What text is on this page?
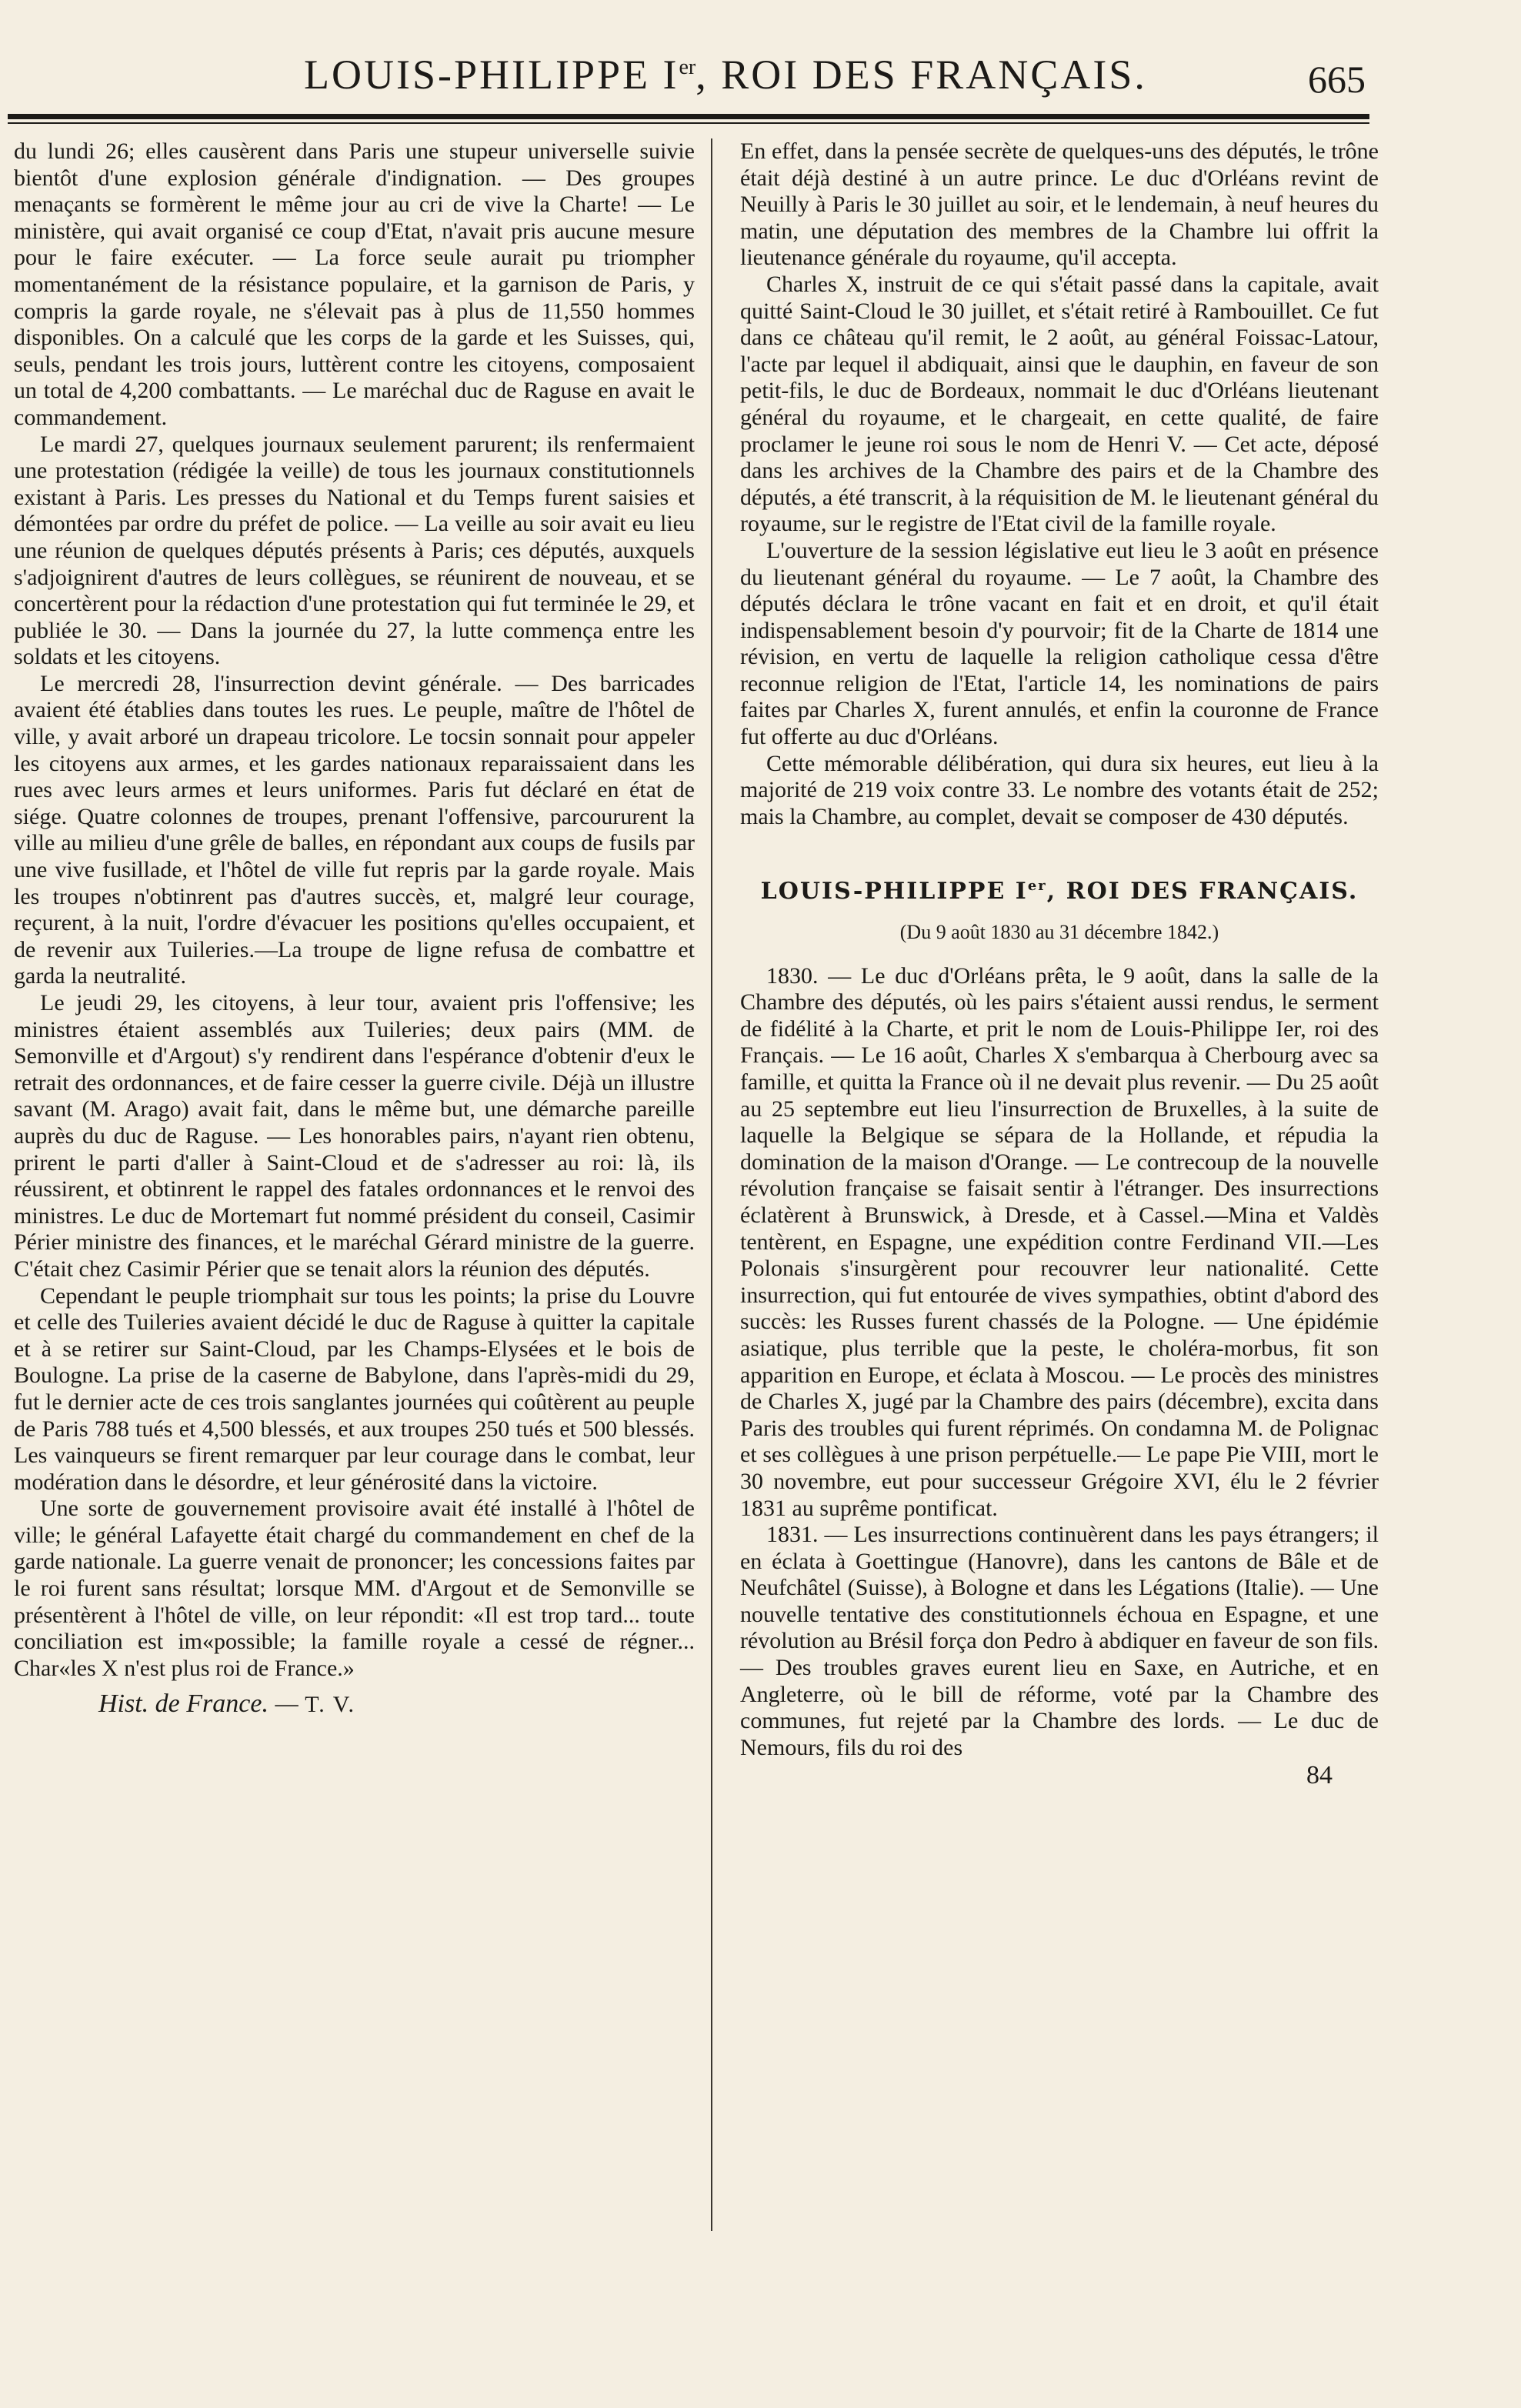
LOUIS-PHILIPPE Ier, ROI DES FRANÇAIS.	665

du lundi 26; elles causèrent dans Paris une stupeur universelle suivie bientôt d'une explosion générale d'indignation. — Des groupes menaçants se formèrent le même jour au cri de vive la Charte! — Le ministère, qui avait organisé ce coup d'Etat, n'avait pris aucune mesure pour le faire exécuter. — La force seule aurait pu triompher momentanément de la résistance populaire, et la garnison de Paris, y compris la garde royale, ne s'élevait pas à plus de 11,550 hommes disponibles. On a calculé que les corps de la garde et les Suisses, qui, seuls, pendant les trois jours, luttèrent contre les citoyens, composaient un total de 4,200 combattants. — Le maréchal duc de Raguse en avait le commandement.

Le mardi 27, quelques journaux seulement parurent; ils renfermaient une protestation (rédigée la veille) de tous les journaux constitutionnels existant à Paris. Les presses du National et du Temps furent saisies et démontées par ordre du préfet de police. — La veille au soir avait eu lieu une réunion de quelques députés présents à Paris; ces députés, auxquels s'adjoignirent d'autres de leurs collègues, se réunirent de nouveau, et se concertèrent pour la rédaction d'une protestation qui fut terminée le 29, et publiée le 30. — Dans la journée du 27, la lutte commença entre les soldats et les citoyens.

Le mercredi 28, l'insurrection devint générale. — Des barricades avaient été établies dans toutes les rues. Le peuple, maître de l'hôtel de ville, y avait arboré un drapeau tricolore. Le tocsin sonnait pour appeler les citoyens aux armes, et les gardes nationaux reparaissaient dans les rues avec leurs armes et leurs uniformes. Paris fut déclaré en état de siége. Quatre colonnes de troupes, prenant l'offensive, parcoururent la ville au milieu d'une grêle de balles, en répondant aux coups de fusils par une vive fusillade, et l'hôtel de ville fut repris par la garde royale. Mais les troupes n'obtinrent pas d'autres succès, et, malgré leur courage, reçurent, à la nuit, l'ordre d'évacuer les positions qu'elles occupaient, et de revenir aux Tuileries.—La troupe de ligne refusa de combattre et garda la neutralité.

Le jeudi 29, les citoyens, à leur tour, avaient pris l'offensive; les ministres étaient assemblés aux Tuileries; deux pairs (MM. de Semonville et d'Argout) s'y rendirent dans l'espérance d'obtenir d'eux le retrait des ordonnances, et de faire cesser la guerre civile. Déjà un illustre savant (M. Arago) avait fait, dans le même but, une démarche pareille auprès du duc de Raguse. — Les honorables pairs, n'ayant rien obtenu, prirent le parti d'aller à Saint-Cloud et de s'adresser au roi: là, ils réussirent, et obtinrent le rappel des fatales ordonnances et le renvoi des ministres. Le duc de Mortemart fut nommé président du conseil, Casimir Périer ministre des finances, et le maréchal Gérard ministre de la guerre. C'était chez Casimir Périer que se tenait alors la réunion des députés.

Cependant le peuple triomphait sur tous les points; la prise du Louvre et celle des Tuileries avaient décidé le duc de Raguse à quitter la capitale et à se retirer sur Saint-Cloud, par les Champs-Elysées et le bois de Boulogne. La prise de la caserne de Babylone, dans l'après-midi du 29, fut le dernier acte de ces trois sanglantes journées qui coûtèrent au peuple de Paris 788 tués et 4,500 blessés, et aux troupes 250 tués et 500 blessés. Les vainqueurs se firent remarquer par leur courage dans le combat, leur modération dans le désordre, et leur générosité dans la victoire.

Une sorte de gouvernement provisoire avait été installé à l'hôtel de ville; le général Lafayette était chargé du commandement en chef de la garde nationale. La guerre venait de prononcer; les concessions faites par le roi furent sans résultat; lorsque MM. d'Argout et de Semonville se présentèrent à l'hôtel de ville, on leur répondit: «Il est trop tard... toute conciliation est im«possible; la famille royale a cessé de régner... Char«les X n'est plus roi de France.»

Hist. de France. — T. V.

En effet, dans la pensée secrète de quelques-uns des députés, le trône était déjà destiné à un autre prince. Le duc d'Orléans revint de Neuilly à Paris le 30 juillet au soir, et le lendemain, à neuf heures du matin, une députation des membres de la Chambre lui offrit la lieutenance générale du royaume, qu'il accepta.

Charles X, instruit de ce qui s'était passé dans la capitale, avait quitté Saint-Cloud le 30 juillet, et s'était retiré à Rambouillet. Ce fut dans ce château qu'il remit, le 2 août, au général Foissac-Latour, l'acte par lequel il abdiquait, ainsi que le dauphin, en faveur de son petit-fils, le duc de Bordeaux, nommait le duc d'Orléans lieutenant général du royaume, et le chargeait, en cette qualité, de faire proclamer le jeune roi sous le nom de Henri V. — Cet acte, déposé dans les archives de la Chambre des pairs et de la Chambre des députés, a été transcrit, à la réquisition de M. le lieutenant général du royaume, sur le registre de l'Etat civil de la famille royale.

L'ouverture de la session législative eut lieu le 3 août en présence du lieutenant général du royaume. — Le 7 août, la Chambre des députés déclara le trône vacant en fait et en droit, et qu'il était indispensablement besoin d'y pourvoir; fit de la Charte de 1814 une révision, en vertu de laquelle la religion catholique cessa d'être reconnue religion de l'Etat, l'article 14, les nominations de pairs faites par Charles X, furent annulés, et enfin la couronne de France fut offerte au duc d'Orléans.

Cette mémorable délibération, qui dura six heures, eut lieu à la majorité de 219 voix contre 33. Le nombre des votants était de 252; mais la Chambre, au complet, devait se composer de 430 députés.

LOUIS-PHILIPPE Ier, ROI DES FRANÇAIS.
(Du 9 août 1830 au 31 décembre 1842.)

1830. — Le duc d'Orléans prêta, le 9 août, dans la salle de la Chambre des députés, où les pairs s'étaient aussi rendus, le serment de fidélité à la Charte, et prit le nom de Louis-Philippe Ier, roi des Français. — Le 16 août, Charles X s'embarqua à Cherbourg avec sa famille, et quitta la France où il ne devait plus revenir. — Du 25 août au 25 septembre eut lieu l'insurrection de Bruxelles, à la suite de laquelle la Belgique se sépara de la Hollande, et répudia la domination de la maison d'Orange. — Le contrecoup de la nouvelle révolution française se faisait sentir à l'étranger. Des insurrections éclatèrent à Brunswick, à Dresde, et à Cassel.—Mina et Valdès tentèrent, en Espagne, une expédition contre Ferdinand VII.—Les Polonais s'insurgèrent pour recouvrer leur nationalité. Cette insurrection, qui fut entourée de vives sympathies, obtint d'abord des succès: les Russes furent chassés de la Pologne. — Une épidémie asiatique, plus terrible que la peste, le choléra-morbus, fit son apparition en Europe, et éclata à Moscou. — Le procès des ministres de Charles X, jugé par la Chambre des pairs (décembre), excita dans Paris des troubles qui furent réprimés. On condamna M. de Polignac et ses collègues à une prison perpétuelle.— Le pape Pie VIII, mort le 30 novembre, eut pour successeur Grégoire XVI, élu le 2 février 1831 au suprême pontificat.

1831. — Les insurrections continuèrent dans les pays étrangers; il en éclata à Goettingue (Hanovre), dans les cantons de Bâle et de Neufchâtel (Suisse), à Bologne et dans les Légations (Italie). — Une nouvelle tentative des constitutionnels échoua en Espagne, et une révolution au Brésil força don Pedro à abdiquer en faveur de son fils. — Des troubles graves eurent lieu en Saxe, en Autriche, et en Angleterre, où le bill de réforme, voté par la Chambre des communes, fut rejeté par la Chambre des lords. — Le duc de Nemours, fils du roi des

84
